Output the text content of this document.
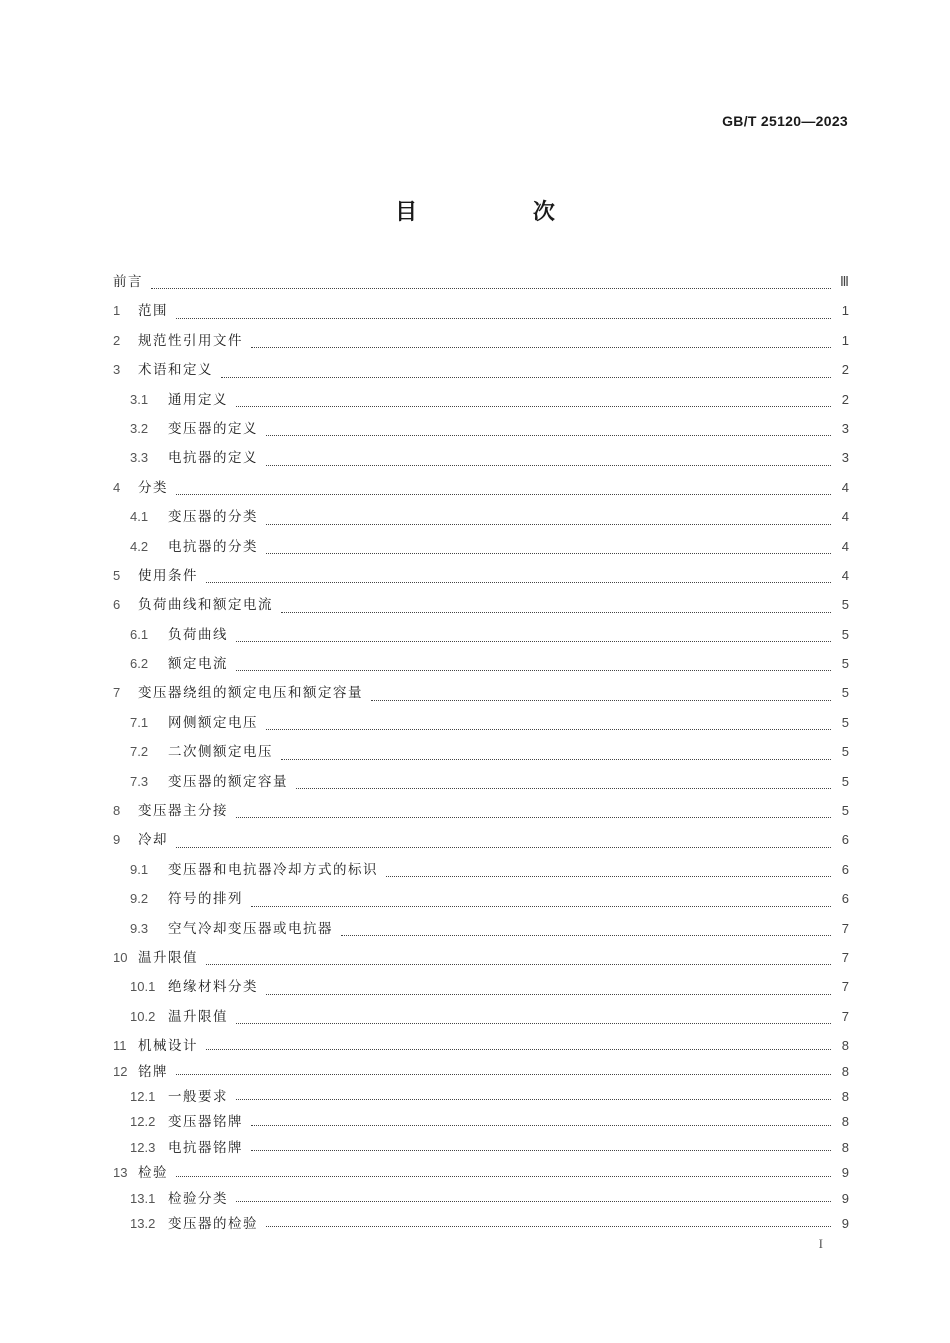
GB/T 25120—2023
目 次
前言	Ⅲ
1	范围	1
2	规范性引用文件	1
3	术语和定义	2
3.1	通用定义	2
3.2	变压器的定义	3
3.3	电抗器的定义	3
4	分类	4
4.1	变压器的分类	4
4.2	电抗器的分类	4
5	使用条件	4
6	负荷曲线和额定电流	5
6.1	负荷曲线	5
6.2	额定电流	5
7	变压器绕组的额定电压和额定容量	5
7.1	网侧额定电压	5
7.2	二次侧额定电压	5
7.3	变压器的额定容量	5
8	变压器主分接	5
9	冷却	6
9.1	变压器和电抗器冷却方式的标识	6
9.2	符号的排列	6
9.3	空气冷却变压器或电抗器	7
10 温升限值	7
10.1 绝缘材料分类	7
10.2 温升限值	7
11 机械设计	8
12 铭牌	8
12.1 一般要求	8
12.2 变压器铭牌	8
12.3 电抗器铭牌	8
13 检验	9
13.1 检验分类	9
13.2 变压器的检验	9
I
